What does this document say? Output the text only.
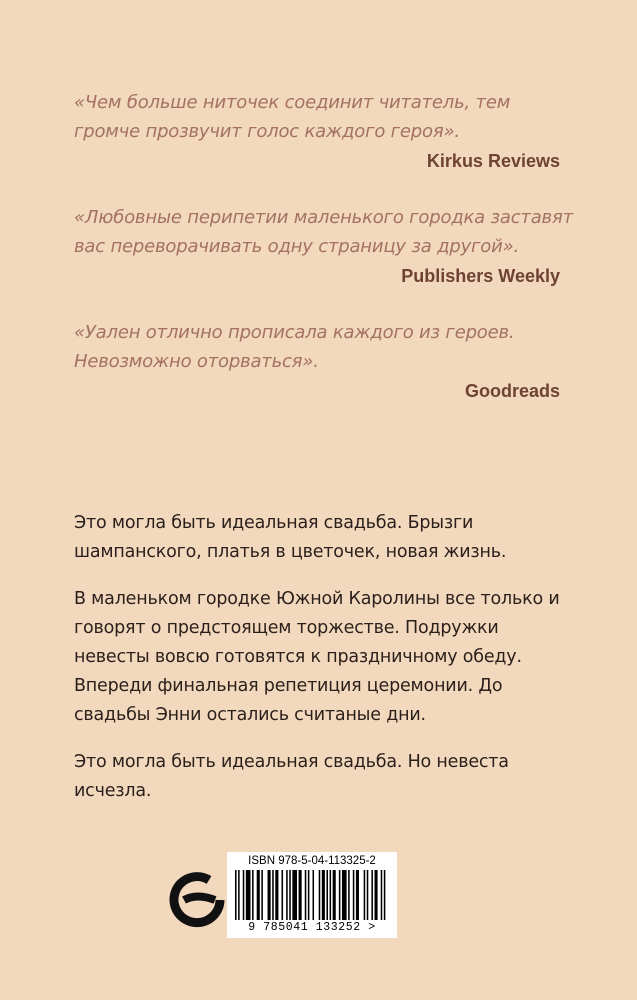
«Чем больше ниточек соединит читатель, тем громче прозвучит голос каждого героя».

Kirkus Reviews

«Любовные перипетии маленького городка заставят вас переворачивать одну страницу за другой».

Publishers Weekly

«Уален отлично прописала каждого из героев. Невозможно оторваться».

Goodreads

Это могла быть идеальная свадьба. Брызги шампанского, платья в цветочек, новая жизнь.

В маленьком городке Южной Каролины все только и говорят о предстоящем торжестве. Подружки невесты вовсю готовятся к праздничному обеду. Впереди финальная репетиция церемонии. До свадьбы Энни остались считаные дни.

Это могла быть идеальная свадьба. Но невеста исчезла.

ISBN 978-5-04-113325-2
9 785041 133252 >
